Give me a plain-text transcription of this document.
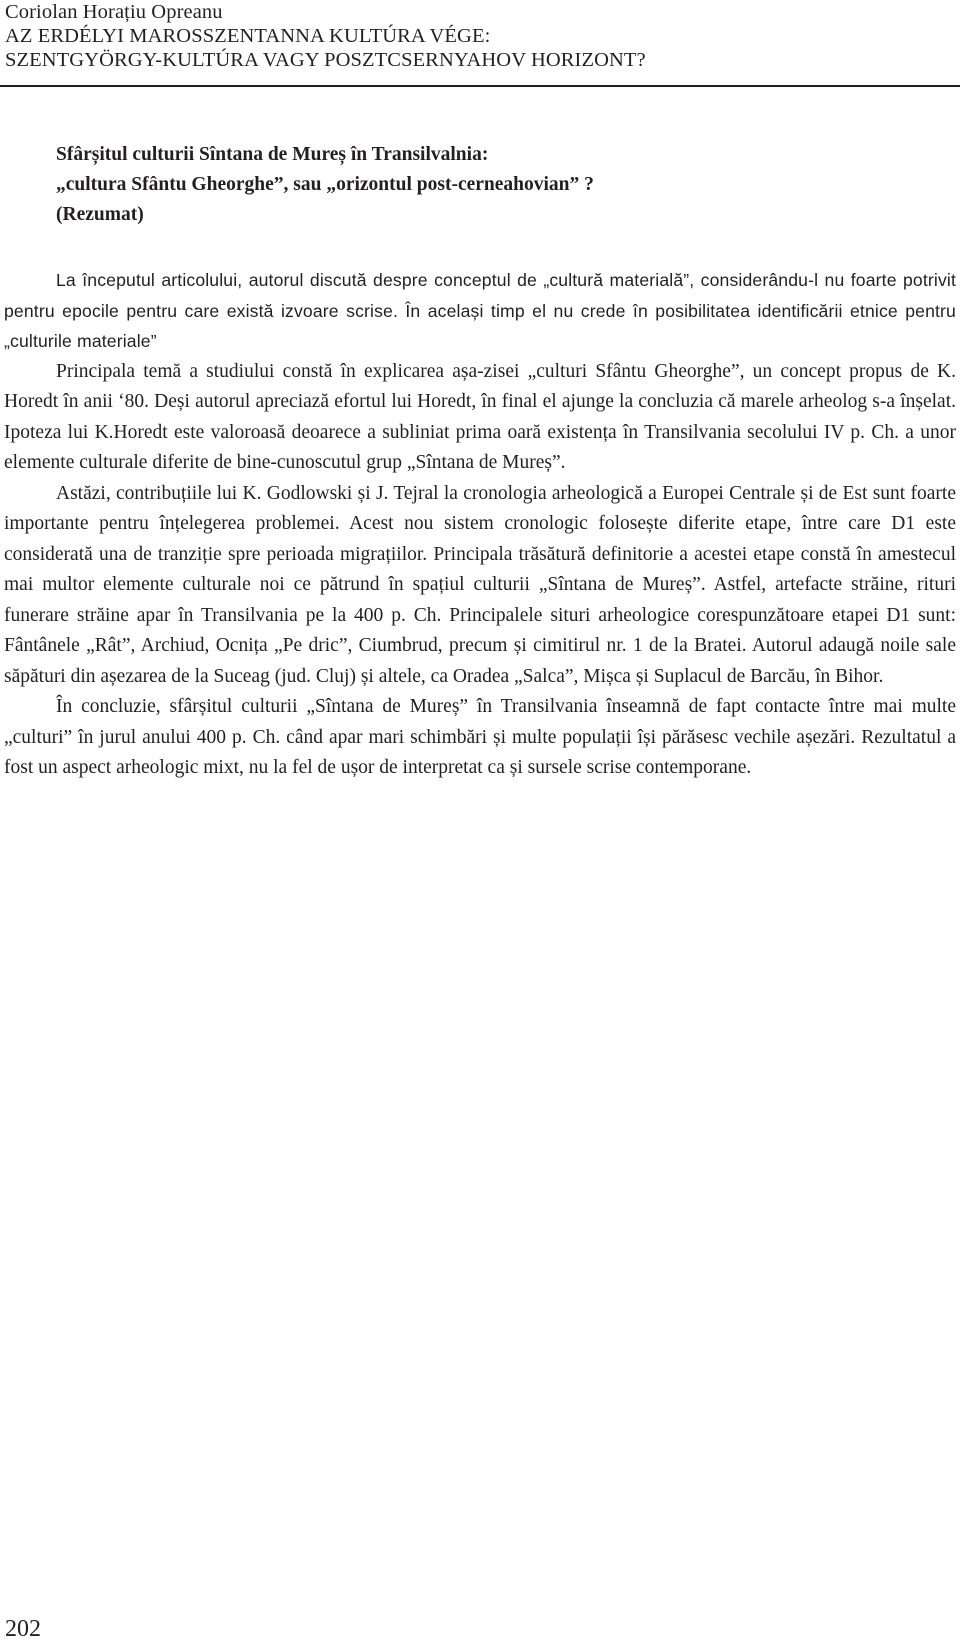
Coriolan Horațiu Opreanu
AZ ERDÉLYI MAROSSZENTANNA KULTÚRA VÉGE:
SZENTGYÖRGY-KULTÚRA VAGY POSZTCSERNYAHOV HORIZONT?
Sfârșitul culturii Sîntana de Mureș în Transilvalnia:
„cultura Sfântu Gheorghe”, sau „orizontul post-cerneahovian” ?
(Rezumat)

La începutul articolului, autorul discută despre conceptul de „cultură materială”, considerându-l nu foarte potrivit pentru epocile pentru care există izvoare scrise. În același timp el nu crede în posibilitatea identificării etnice pentru „culturile materiale”

Principala temă a studiului constă în explicarea așa-zisei „culturi Sfântu Gheorghe”, un concept propus de K. Horedt în anii ‘80. Deși autorul apreciază efortul lui Horedt, în final el ajunge la concluzia că marele arheolog s-a înșelat. Ipoteza lui K.Horedt este valoroasă deoarece a subliniat prima oară existența în Transilvania secolului IV p. Ch. a unor elemente culturale diferite de bine-cunoscutul grup „Sîntana de Mureș”.

Astăzi, contribuțiile lui K. Godlowski și J. Tejral la cronologia arheologică a Europei Centrale și de Est sunt foarte importante pentru înțelegerea problemei. Acest nou sistem cronologic folosește diferite etape, între care D1 este considerată una de tranziție spre perioada migrațiilor. Principala trăsătură definitorie a acestei etape constă în amestecul mai multor elemente culturale noi ce pătrund în spațiul culturii „Sîntana de Mureș”. Astfel, artefacte străine, rituri funerare străine apar în Transilvania pe la 400 p. Ch. Principalele situri arheologice corespunzătoare etapei D1 sunt: Fântânele „Rât”, Archiud, Ocnița „Pe dric”, Ciumbrud, precum și cimitirul nr. 1 de la Bratei. Autorul adaugă noile sale săpături din așezarea de la Suceag (jud. Cluj) și altele, ca Oradea „Salca”, Mișca și Suplacul de Barcău, în Bihor.

În concluzie, sfârșitul culturii „Sîntana de Mureș” în Transilvania înseamnă de fapt contacte între mai multe „culturi” în jurul anului 400 p. Ch. când apar mari schimbări și multe populații își părăsesc vechile așezări. Rezultatul a fost un aspect arheologic mixt, nu la fel de ușor de interpretat ca și sursele scrise contemporane.

202
